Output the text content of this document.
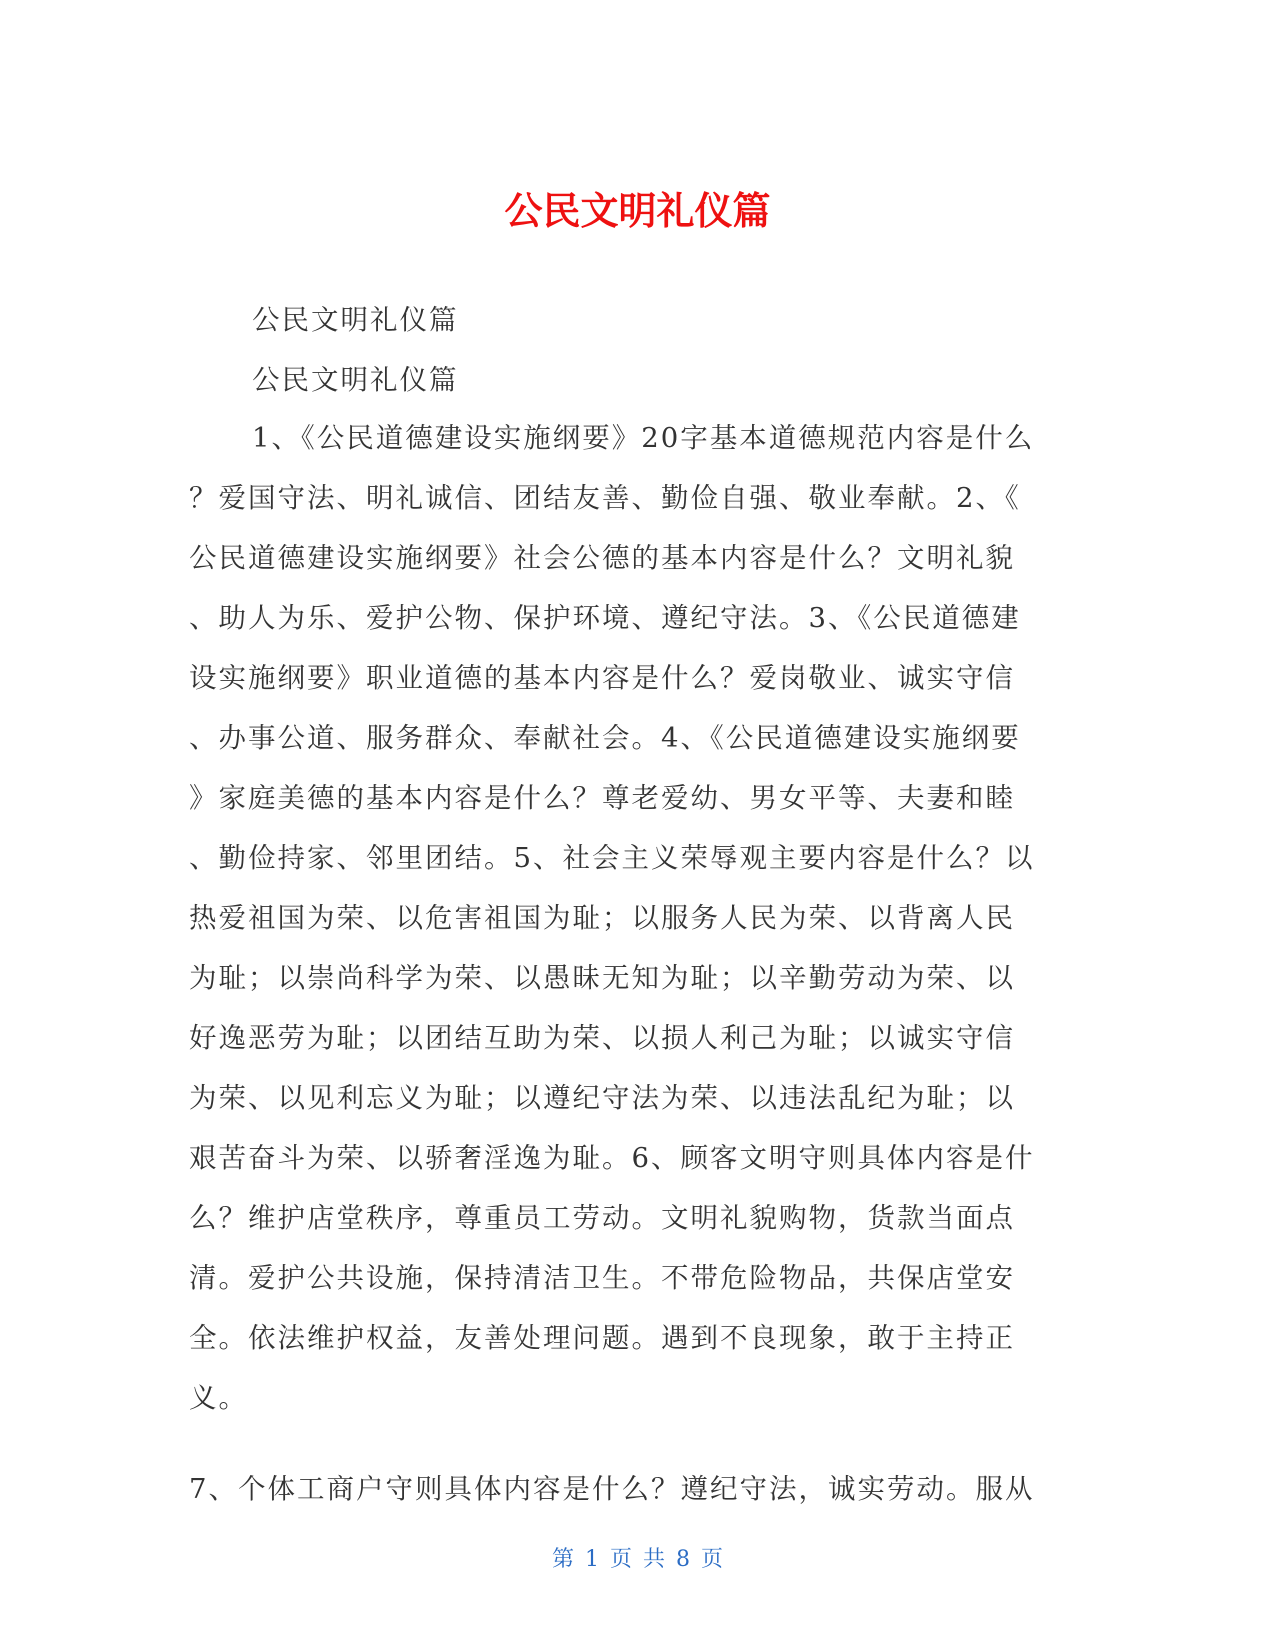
公民文明礼仪篇
公民文明礼仪篇
公民文明礼仪篇
1、《公民道德建设实施纲要》20字基本道德规范内容是什么
？爱国守法、明礼诚信、团结友善、勤俭自强、敬业奉献。2、《
公民道德建设实施纲要》社会公德的基本内容是什么？文明礼貌
、助人为乐、爱护公物、保护环境、遵纪守法。3、《公民道德建
设实施纲要》职业道德的基本内容是什么？爱岗敬业、诚实守信
、办事公道、服务群众、奉献社会。4、《公民道德建设实施纲要
》家庭美德的基本内容是什么？尊老爱幼、男女平等、夫妻和睦
、勤俭持家、邻里团结。5、社会主义荣辱观主要内容是什么？以
热爱祖国为荣、以危害祖国为耻；以服务人民为荣、以背离人民
为耻；以崇尚科学为荣、以愚昧无知为耻；以辛勤劳动为荣、以
好逸恶劳为耻；以团结互助为荣、以损人利己为耻；以诚实守信
为荣、以见利忘义为耻；以遵纪守法为荣、以违法乱纪为耻；以
艰苦奋斗为荣、以骄奢淫逸为耻。6、顾客文明守则具体内容是什
么？维护店堂秩序，尊重员工劳动。文明礼貌购物，货款当面点
清。爱护公共设施，保持清洁卫生。不带危险物品，共保店堂安
全。依法维护权益，友善处理问题。遇到不良现象，敢于主持正
义。
7、个体工商户守则具体内容是什么？遵纪守法，诚实劳动。服从
第 1 页 共 8 页
